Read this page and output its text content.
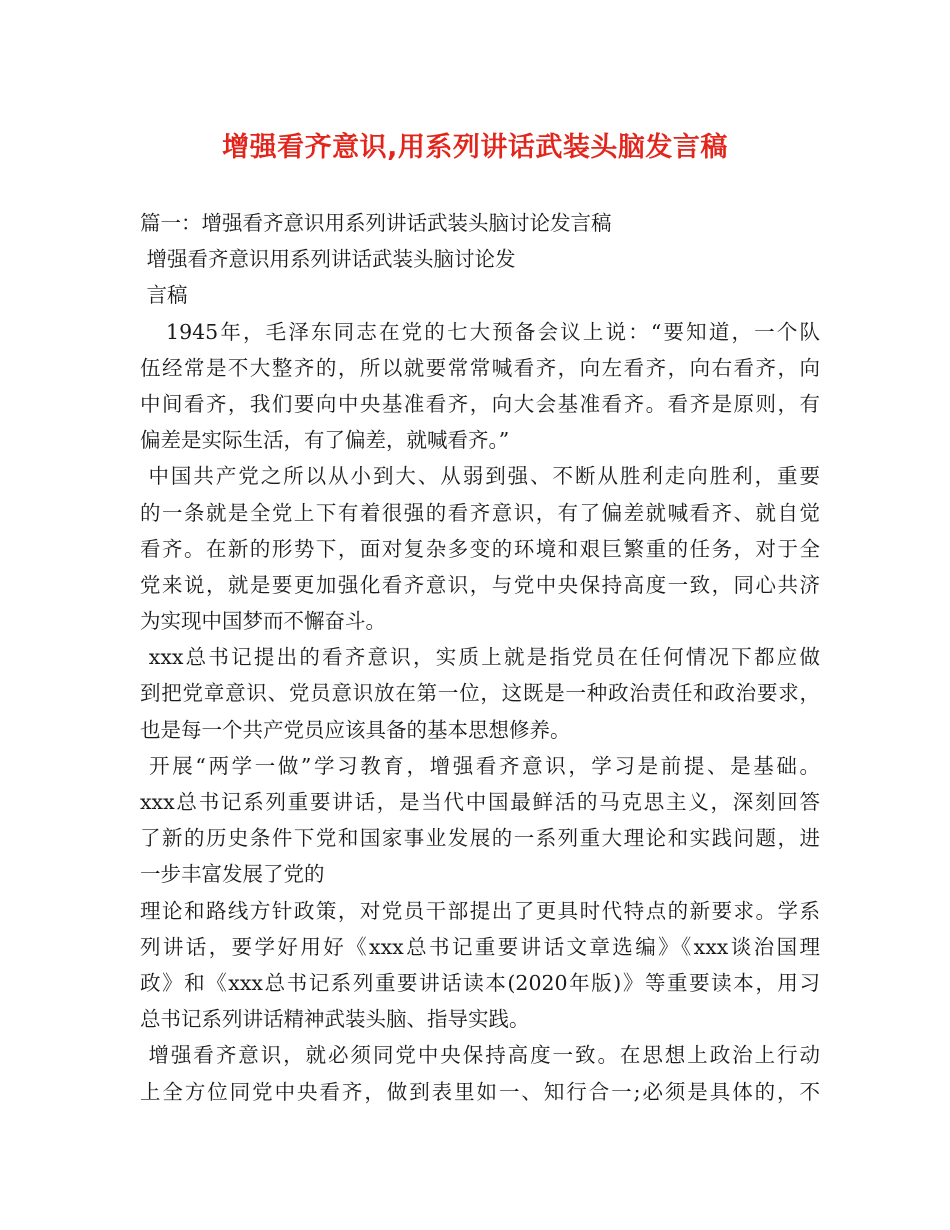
增强看齐意识,用系列讲话武装头脑发言稿
篇一：增强看齐意识用系列讲话武装头脑讨论发言稿
增强看齐意识用系列讲话武装头脑讨论发
言稿
1945年，毛泽东同志在党的七大预备会议上说：“要知道，一个队
伍经常是不大整齐的，所以就要常常喊看齐，向左看齐，向右看齐，向
中间看齐，我们要向中央基准看齐，向大会基准看齐。看齐是原则，有
偏差是实际生活，有了偏差，就喊看齐。”
中国共产党之所以从小到大、从弱到强、不断从胜利走向胜利，重要
的一条就是全党上下有着很强的看齐意识，有了偏差就喊看齐、就自觉
看齐。在新的形势下，面对复杂多变的环境和艰巨繁重的任务，对于全
党来说，就是要更加强化看齐意识，与党中央保持高度一致，同心共济
为实现中国梦而不懈奋斗。
xxx总书记提出的看齐意识，实质上就是指党员在任何情况下都应做
到把党章意识、党员意识放在第一位，这既是一种政治责任和政治要求，
也是每一个共产党员应该具备的基本思想修养。
开展“两学一做”学习教育，增强看齐意识，学习是前提、是基础。
xxx总书记系列重要讲话，是当代中国最鲜活的马克思主义，深刻回答
了新的历史条件下党和国家事业发展的一系列重大理论和实践问题，进
一步丰富发展了党的
理论和路线方针政策，对党员干部提出了更具时代特点的新要求。学系
列讲话，要学好用好《xxx总书记重要讲话文章选编》《xxx谈治国理
政》和《xxx总书记系列重要讲话读本(2020年版)》等重要读本，用习
总书记系列讲话精神武装头脑、指导实践。
增强看齐意识，就必须同党中央保持高度一致。在思想上政治上行动
上全方位同党中央看齐，做到表里如一、知行合一;必须是具体的，不
